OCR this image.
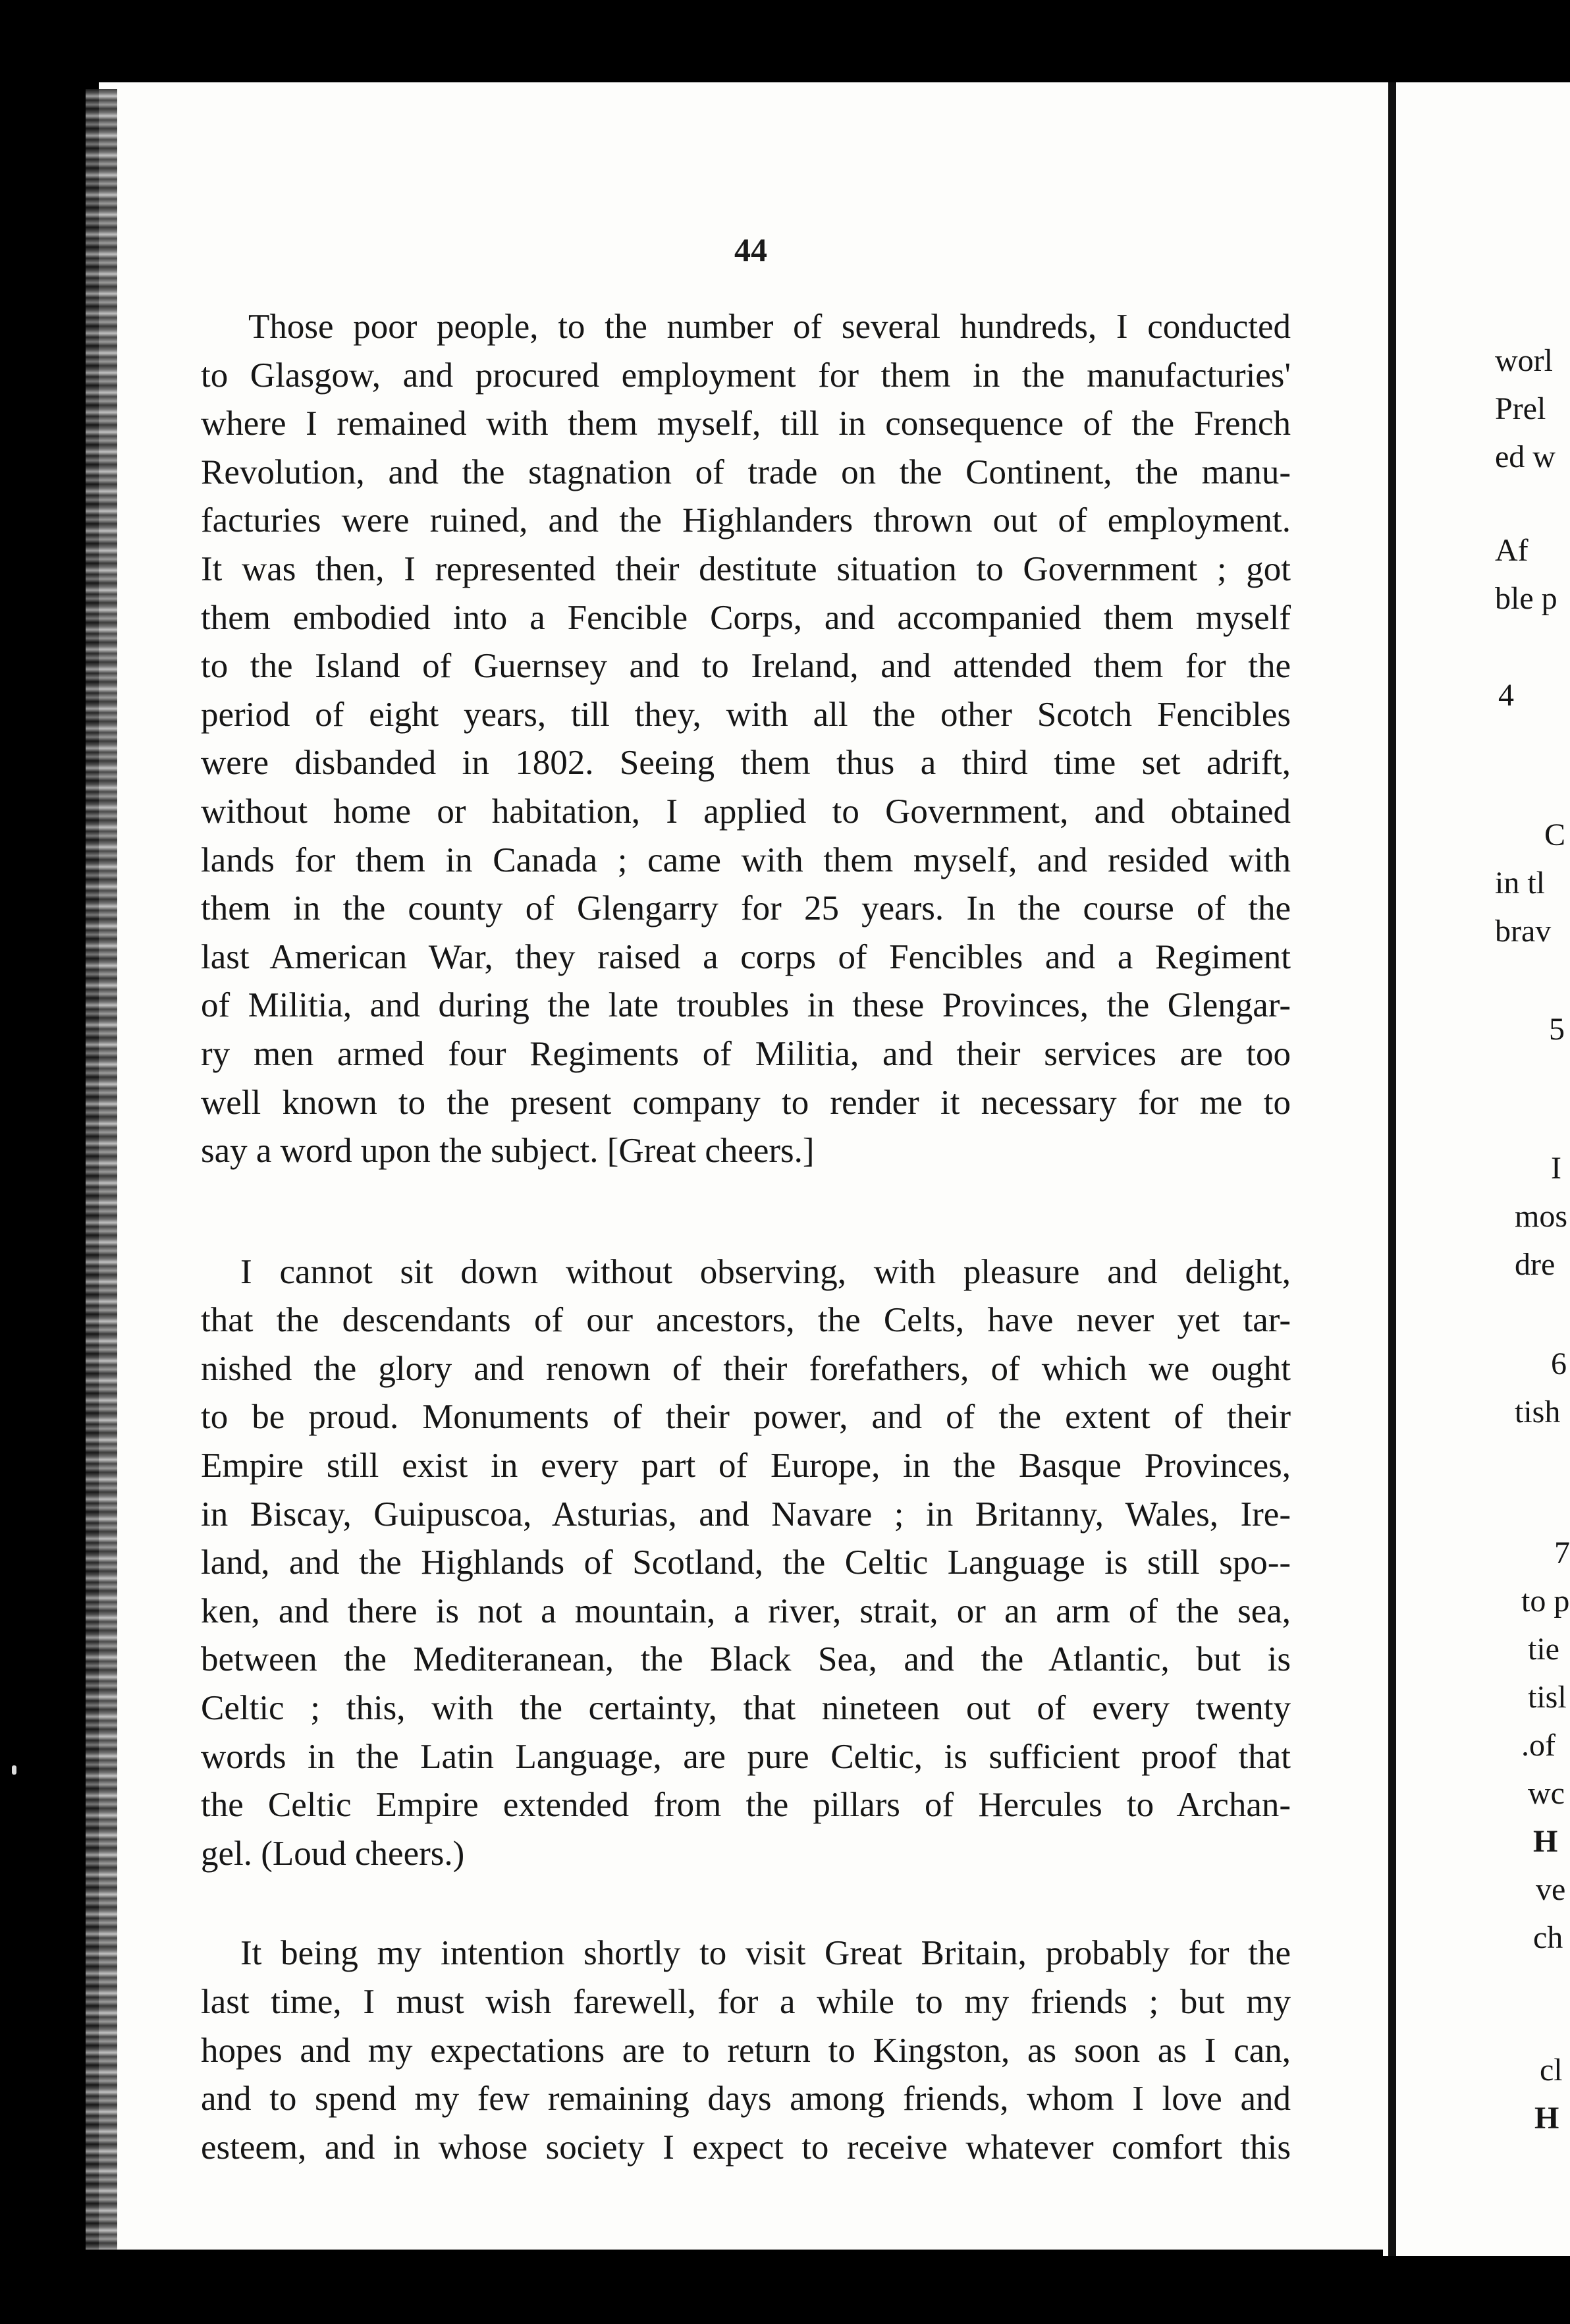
44
Those poor people, to the number of several hundreds, I conducted
to Glasgow, and procured employment for them in the manufacturies'
where I remained with them myself, till in consequence of the French
Revolution, and the stagnation of trade on the Continent, the manu-
facturies were ruined, and the Highlanders thrown out of employment.
It was then, I represented their destitute situation to Government ; got
them embodied into a Fencible Corps, and accompanied them myself
to the Island of Guernsey and to Ireland, and attended them for the
period of eight years, till they, with all the other Scotch Fencibles
were disbanded in 1802. Seeing them thus a third time set adrift,
without home or habitation, I applied to Government, and obtained
lands for them in Canada ; came with them myself, and resided with
them in the county of Glengarry for 25 years. In the course of the
last American War, they raised a corps of Fencibles and a Regiment
of Militia, and during the late troubles in these Provinces, the Glengar-
ry men armed four Regiments of Militia, and their services are too
well known to the present company to render it necessary for me to
say a word upon the subject. [Great cheers.]
I cannot sit down without observing, with pleasure and delight,
that the descendants of our ancestors, the Celts, have never yet tar-
nished the glory and renown of their forefathers, of which we ought
to be proud. Monuments of their power, and of the extent of their
Empire still exist in every part of Europe, in the Basque Provinces,
in Biscay, Guipuscoa, Asturias, and Navare ; in Britanny, Wales, Ire-
land, and the Highlands of Scotland, the Celtic Language is still spo--
ken, and there is not a mountain, a river, strait, or an arm of the sea,
between the Mediteranean, the Black Sea, and the Atlantic, but is
Celtic ; this, with the certainty, that nineteen out of every twenty
words in the Latin Language, are pure Celtic, is sufficient proof that
the Celtic Empire extended from the pillars of Hercules to Archan-
gel. (Loud cheers.)
It being my intention shortly to visit Great Britain, probably for the
last time, I must wish farewell, for a while to my friends ; but my
hopes and my expectations are to return to Kingston, as soon as I can,
and to spend my few remaining days among friends, whom I love and
esteem, and in whose society I expect to receive whatever comfort this
worl
Prel
ed w
Af
ble p
4
C
in tl
brav
5
I
mos
dre
6
tish
7
to p
tie
tisl
.of
wc
H
ve
ch
cl
H
